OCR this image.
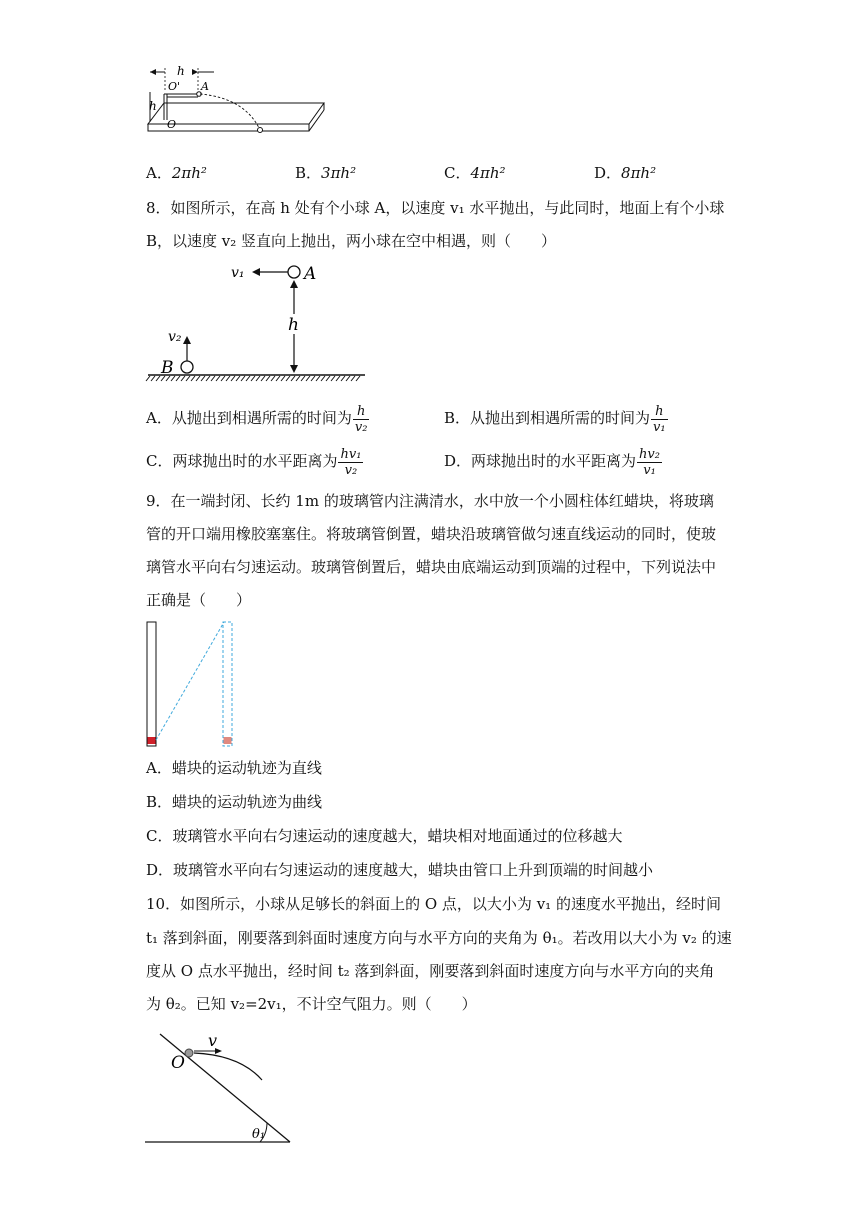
h
h
O' A
O
A．2πh²	B．3πh²	C．4πh²	D．8πh²
8．如图所示，在高 h 处有个小球 A，以速度 v₁ 水平抛出，与此同时，地面上有个小球
B，以速度 v₂ 竖直向上抛出，两小球在空中相遇，则（　　）
A
v₁
h
B
v₂
A．从抛出到相遇所需的时间为 $\frac{h}{\text{v₂}}$	B．从抛出到相遇所需的时间为 $\frac{h}{\text{v₁}}$
C．两球抛出时的水平距离为 $\frac{\text{hv₁}}{\text{v₂}}$	D．两球抛出时的水平距离为 $\frac{\text{hv₂}}{\text{v₁}}$
9．在一端封闭、长约 1m 的玻璃管内注满清水，水中放一个小圆柱体红蜡块，将玻璃
管的开口端用橡胶塞塞住。将玻璃管倒置，蜡块沿玻璃管做匀速直线运动的同时，使玻
璃管水平向右匀速运动。玻璃管倒置后，蜡块由底端运动到顶端的过程中，下列说法中
正确是（　　）
A．蜡块的运动轨迹为直线
B．蜡块的运动轨迹为曲线
C．玻璃管水平向右匀速运动的速度越大，蜡块相对地面通过的位移越大
D．玻璃管水平向右匀速运动的速度越大，蜡块由管口上升到顶端的时间越小
10．如图所示，小球从足够长的斜面上的 O 点，以大小为 v₁ 的速度水平抛出，经时间
t₁ 落到斜面，刚要落到斜面时速度方向与水平方向的夹角为 θ₁。若改用以大小为 v₂ 的速
度从 O 点水平抛出，经时间 t₂ 落到斜面，刚要落到斜面时速度方向与水平方向的夹角
为 θ₂。已知 v₂=2v₁，不计空气阻力。则（　　）
θ₁
O
v
